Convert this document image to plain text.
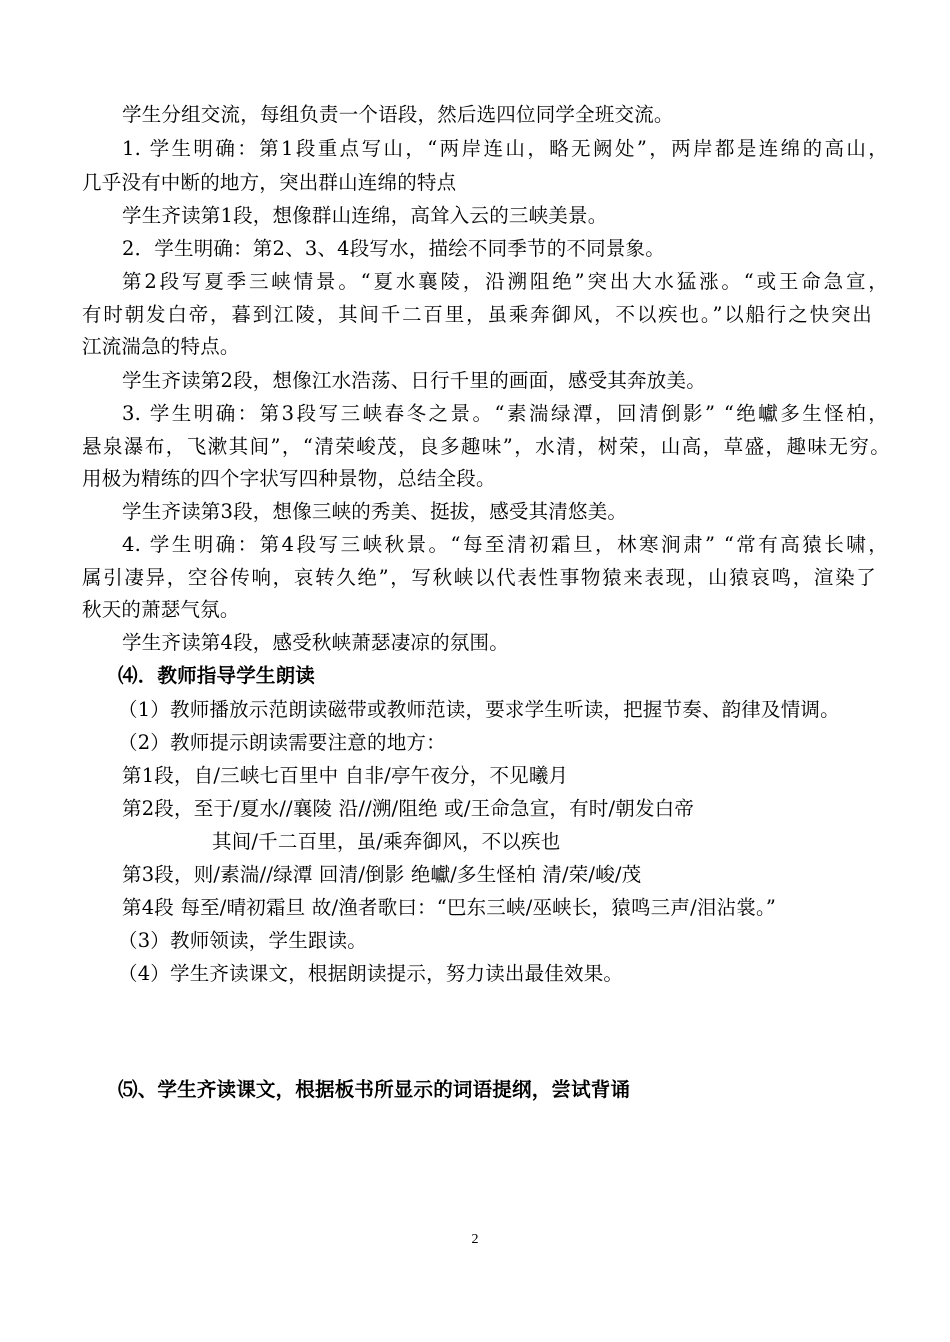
学生分组交流，每组负责一个语段，然后选四位同学全班交流。
1. 学生明确：第1段重点写山，“两岸连山，略无阙处”，两岸都是连绵的高山，
几乎没有中断的地方，突出群山连绵的特点
学生齐读第1段，想像群山连绵，高耸入云的三峡美景。
2．学生明确：第2、3、4段写水，描绘不同季节的不同景象。
第2段写夏季三峡情景。“夏水襄陵，沿溯阻绝”突出大水猛涨。“或王命急宣，
有时朝发白帝，暮到江陵，其间千二百里，虽乘奔御风，不以疾也。”以船行之快突出
江流湍急的特点。
学生齐读第2段，想像江水浩荡、日行千里的画面，感受其奔放美。
3. 学生明确：第3段写三峡春冬之景。“素湍绿潭，回清倒影” “绝巘多生怪柏，
悬泉瀑布，飞漱其间”，“清荣峻茂，良多趣味”，水清，树荣，山高，草盛，趣味无穷。
用极为精练的四个字状写四种景物，总结全段。
学生齐读第3段，想像三峡的秀美、挺拔，感受其清悠美。
4. 学生明确：第4段写三峡秋景。“每至清初霜旦，林寒涧肃” “常有高猿长啸，
属引凄异，空谷传响，哀转久绝”，写秋峡以代表性事物猿来表现，山猿哀鸣，渲染了
秋天的萧瑟气氛。
学生齐读第4段，感受秋峡萧瑟凄凉的氛围。
⑷．教师指导学生朗读
（1）教师播放示范朗读磁带或教师范读，要求学生听读，把握节奏、韵律及情调。
（2）教师提示朗读需要注意的地方：
第1段，自/三峡七百里中 自非/亭午夜分，不见曦月
第2段，至于/夏水//襄陵 沿//溯/阻绝 或/王命急宣，有时/朝发白帝
其间/千二百里，虽/乘奔御风，不以疾也
第3段，则/素湍//绿潭 回清/倒影 绝巘/多生怪柏 清/荣/峻/茂
第4段 每至/晴初霜旦 故/渔者歌曰：“巴东三峡/巫峡长，猿鸣三声/泪沾裳。”
（3）教师领读，学生跟读。
（4）学生齐读课文，根据朗读提示，努力读出最佳效果。
⑸、学生齐读课文，根据板书所显示的词语提纲，尝试背诵
2
